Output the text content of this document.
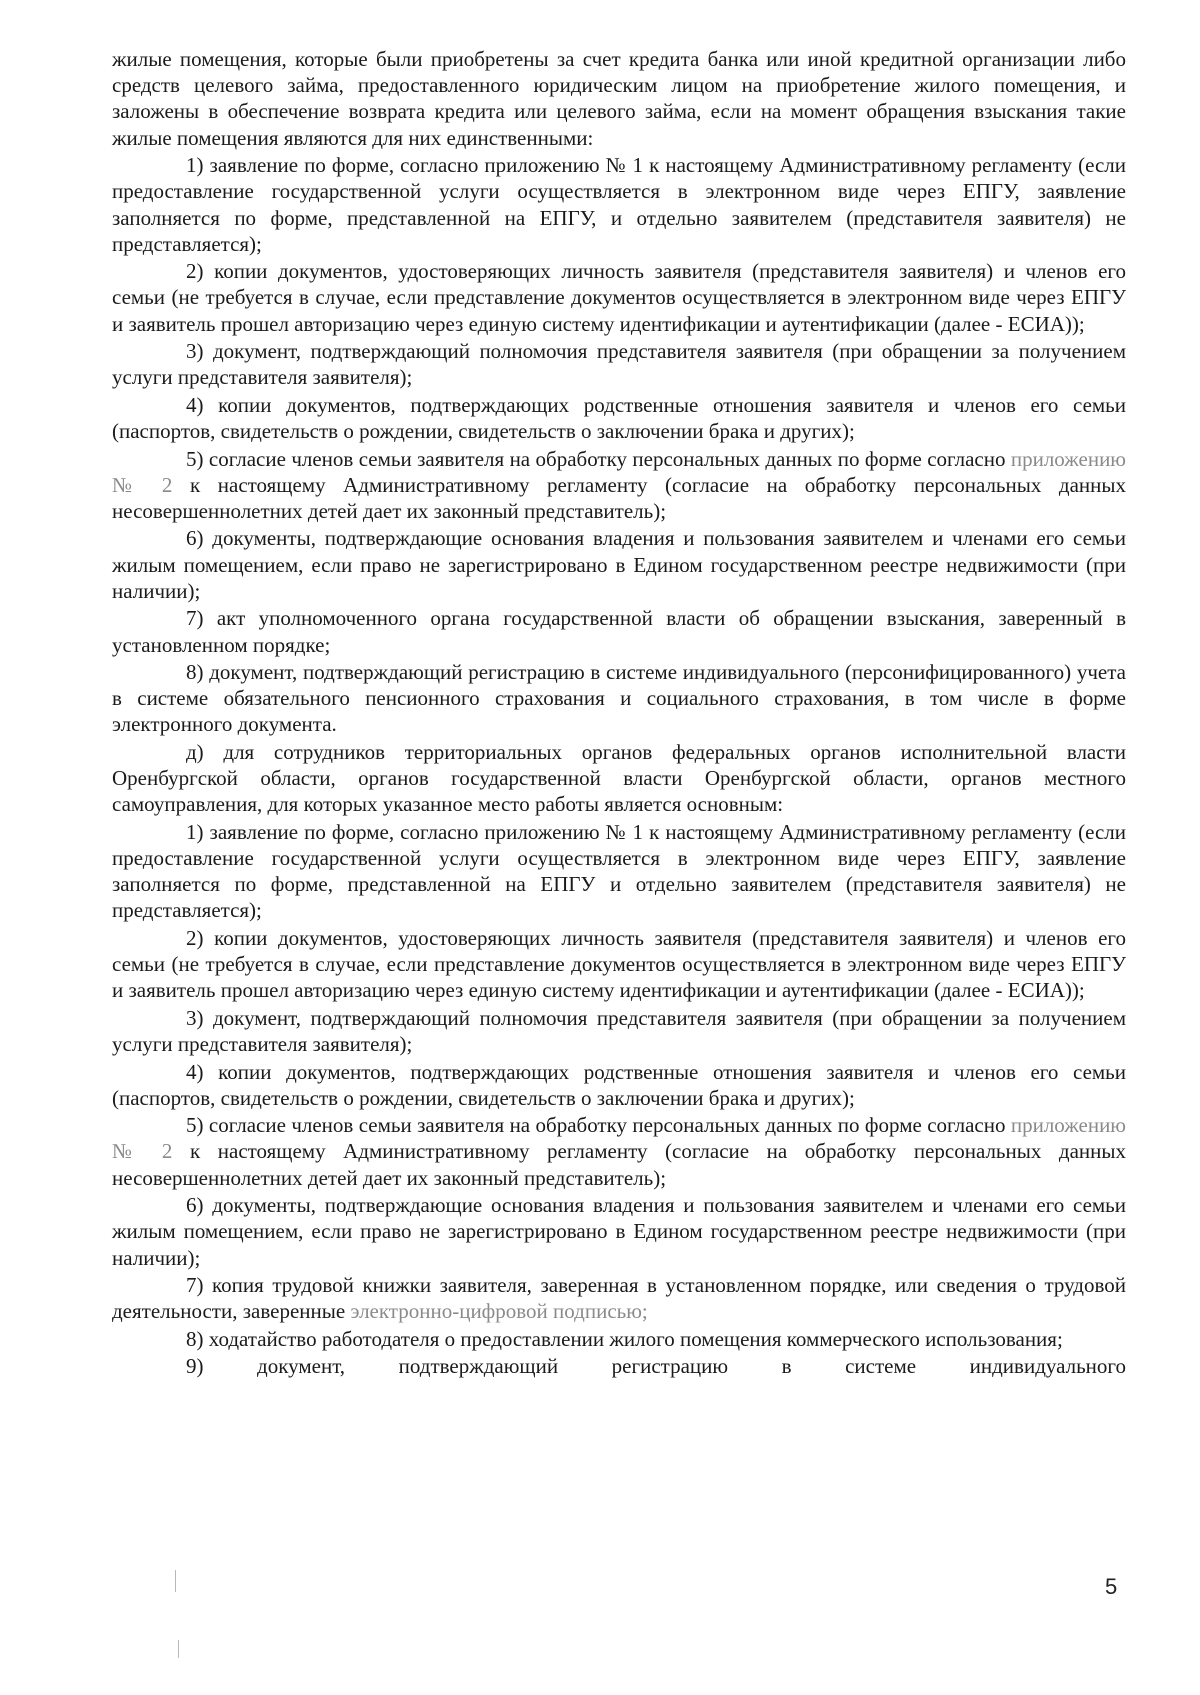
жилые помещения, которые были приобретены за счет кредита банка или иной кредитной организации либо средств целевого займа, предоставленного юридическим лицом на приобретение жилого помещения, и заложены в обеспечение возврата кредита или целевого займа, если на момент обращения взыскания такие жилые помещения являются для них единственными:

1) заявление по форме, согласно приложению № 1 к настоящему Административному регламенту (если предоставление государственной услуги осуществляется в электронном виде через ЕПГУ, заявление заполняется по форме, представленной на ЕПГУ, и отдельно заявителем (представителя заявителя) не представляется);

2) копии документов, удостоверяющих личность заявителя (представителя заявителя) и членов его семьи (не требуется в случае, если представление документов осуществляется в электронном виде через ЕПГУ и заявитель прошел авторизацию через единую систему идентификации и аутентификации (далее - ЕСИА));

3) документ, подтверждающий полномочия представителя заявителя (при обращении за получением услуги представителя заявителя);

4) копии документов, подтверждающих родственные отношения заявителя и членов его семьи (паспортов, свидетельств о рождении, свидетельств о заключении брака и других);

5) согласие членов семьи заявителя на обработку персональных данных по форме согласно приложению № 2 к настоящему Административному регламенту (согласие на обработку персональных данных несовершеннолетних детей дает их законный представитель);

6) документы, подтверждающие основания владения и пользования заявителем и членами его семьи жилым помещением, если право не зарегистрировано в Едином государственном реестре недвижимости (при наличии);

7) акт уполномоченного органа государственной власти об обращении взыскания, заверенный в установленном порядке;

8) документ, подтверждающий регистрацию в системе индивидуального (персонифицированного) учета в системе обязательного пенсионного страхования и социального страхования, в том числе в форме электронного документа.

д) для сотрудников территориальных органов федеральных органов исполнительной власти Оренбургской области, органов государственной власти Оренбургской области, органов местного самоуправления, для которых указанное место работы является основным:

1) заявление по форме, согласно приложению № 1 к настоящему Административному регламенту (если предоставление государственной услуги осуществляется в электронном виде через ЕПГУ, заявление заполняется по форме, представленной на ЕПГУ и отдельно заявителем (представителя заявителя) не представляется);

2) копии документов, удостоверяющих личность заявителя (представителя заявителя) и членов его семьи (не требуется в случае, если представление документов осуществляется в электронном виде через ЕПГУ и заявитель прошел авторизацию через единую систему идентификации и аутентификации (далее - ЕСИА));

3) документ, подтверждающий полномочия представителя заявителя (при обращении за получением услуги представителя заявителя);

4) копии документов, подтверждающих родственные отношения заявителя и членов его семьи (паспортов, свидетельств о рождении, свидетельств о заключении брака и других);

5) согласие членов семьи заявителя на обработку персональных данных по форме согласно приложению № 2 к настоящему Административному регламенту (согласие на обработку персональных данных несовершеннолетних детей дает их законный представитель);

6) документы, подтверждающие основания владения и пользования заявителем и членами его семьи жилым помещением, если право не зарегистрировано в Едином государственном реестре недвижимости (при наличии);

7) копия трудовой книжки заявителя, заверенная в установленном порядке, или сведения о трудовой деятельности, заверенные электронно-цифровой подписью;

8) ходатайство работодателя о предоставлении жилого помещения коммерческого использования;

9) документ, подтверждающий регистрацию в системе индивидуального

5
